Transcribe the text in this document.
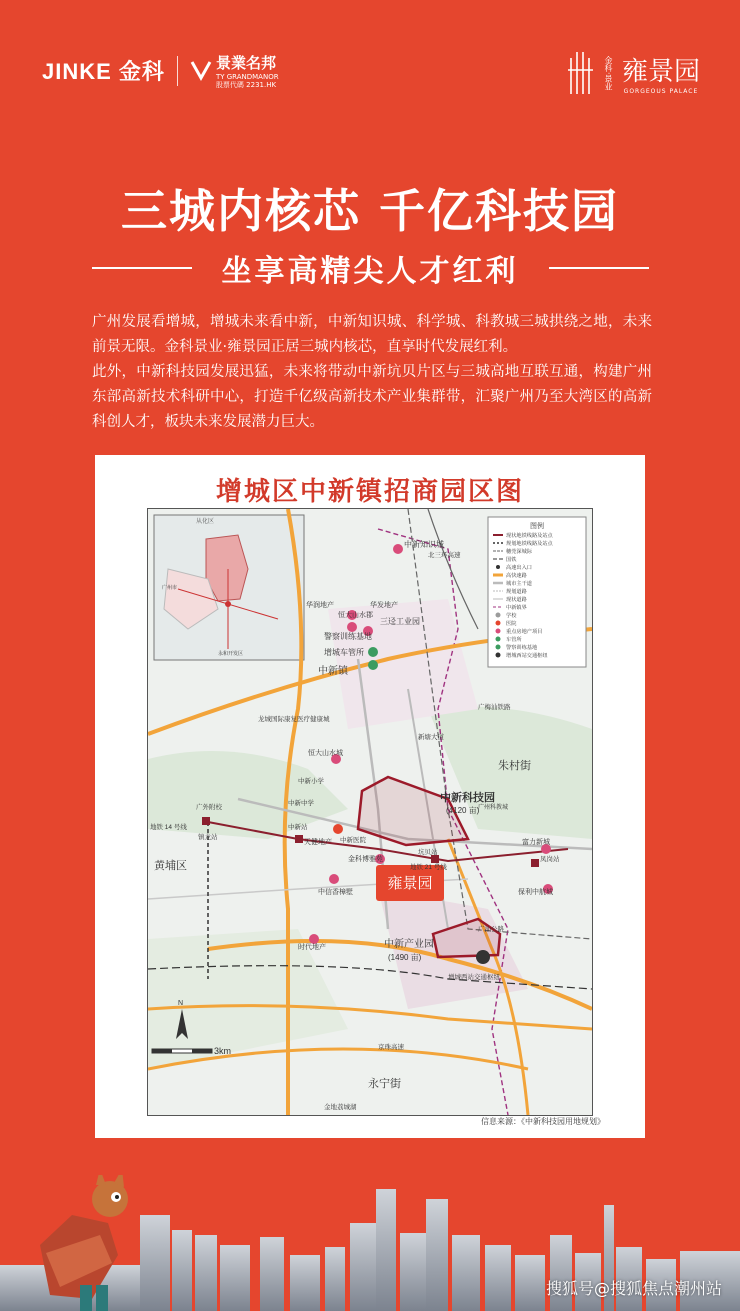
JINKE 金科	景業名邦
TY GRANDMANOR
股票代碼 2231.HK	金科·景业 雍景园
GORGEOUS PALACE
三城内核芯 千亿科技园
坐享高精尖人才红利
广州发展看增城，增城未来看中新，中新知识城、科学城、科教城三城拱绕之地，未来前景无限。金科景业·雍景园正居三城内核芯，直享时代发展红利。
此外，中新科技园发展迅猛，未来将带动中新坑贝片区与三城高地互联互通，构建广州东部高新技术科研中心，打造千亿级高新技术产业集群带，汇聚广州乃至大湾区的高新科创人才，板块未来发展潜力巨大。
增城区中新镇招商园区图
从化区
广州市
永和开发区
雍景园
图例
现状地铁线路及站点
规划地铁线路及站点
穗莞深城际
国铁
高速出入口
高快速路
城市主干道
规划道路
现状道路
中新镇界
学校
医院
重点房地产项目
车管所
警察训练基地
增城西站交通枢纽
中新镇
朱村街
黄埔区
永宁街
中新科技园
(4120 亩)
中新产业园
(1490 亩)
中新知识城
三迳工业园
警察训练基地
增城车管所
龙城国际康复医疗健康城
恒大山水城
恒大山水郡
华润地产	华发地产
富力新城
保利中航城
中信香樟墅
时代地产
天健地产
金科博雅苑
增城西站交通枢纽
地铁 21 号线
地铁 14 号线
镇龙站
中新站
坑贝站
凤岗站
广汕公路
北三环高速
京珠高速
广梅汕铁路
新塘大道
广州科教城
中新小学
中新中学
中新医院
金地荔城湖
广外附校
N
3km
信息来源：《中新科技园用地规划》
搜狐号@搜狐焦点潮州站
